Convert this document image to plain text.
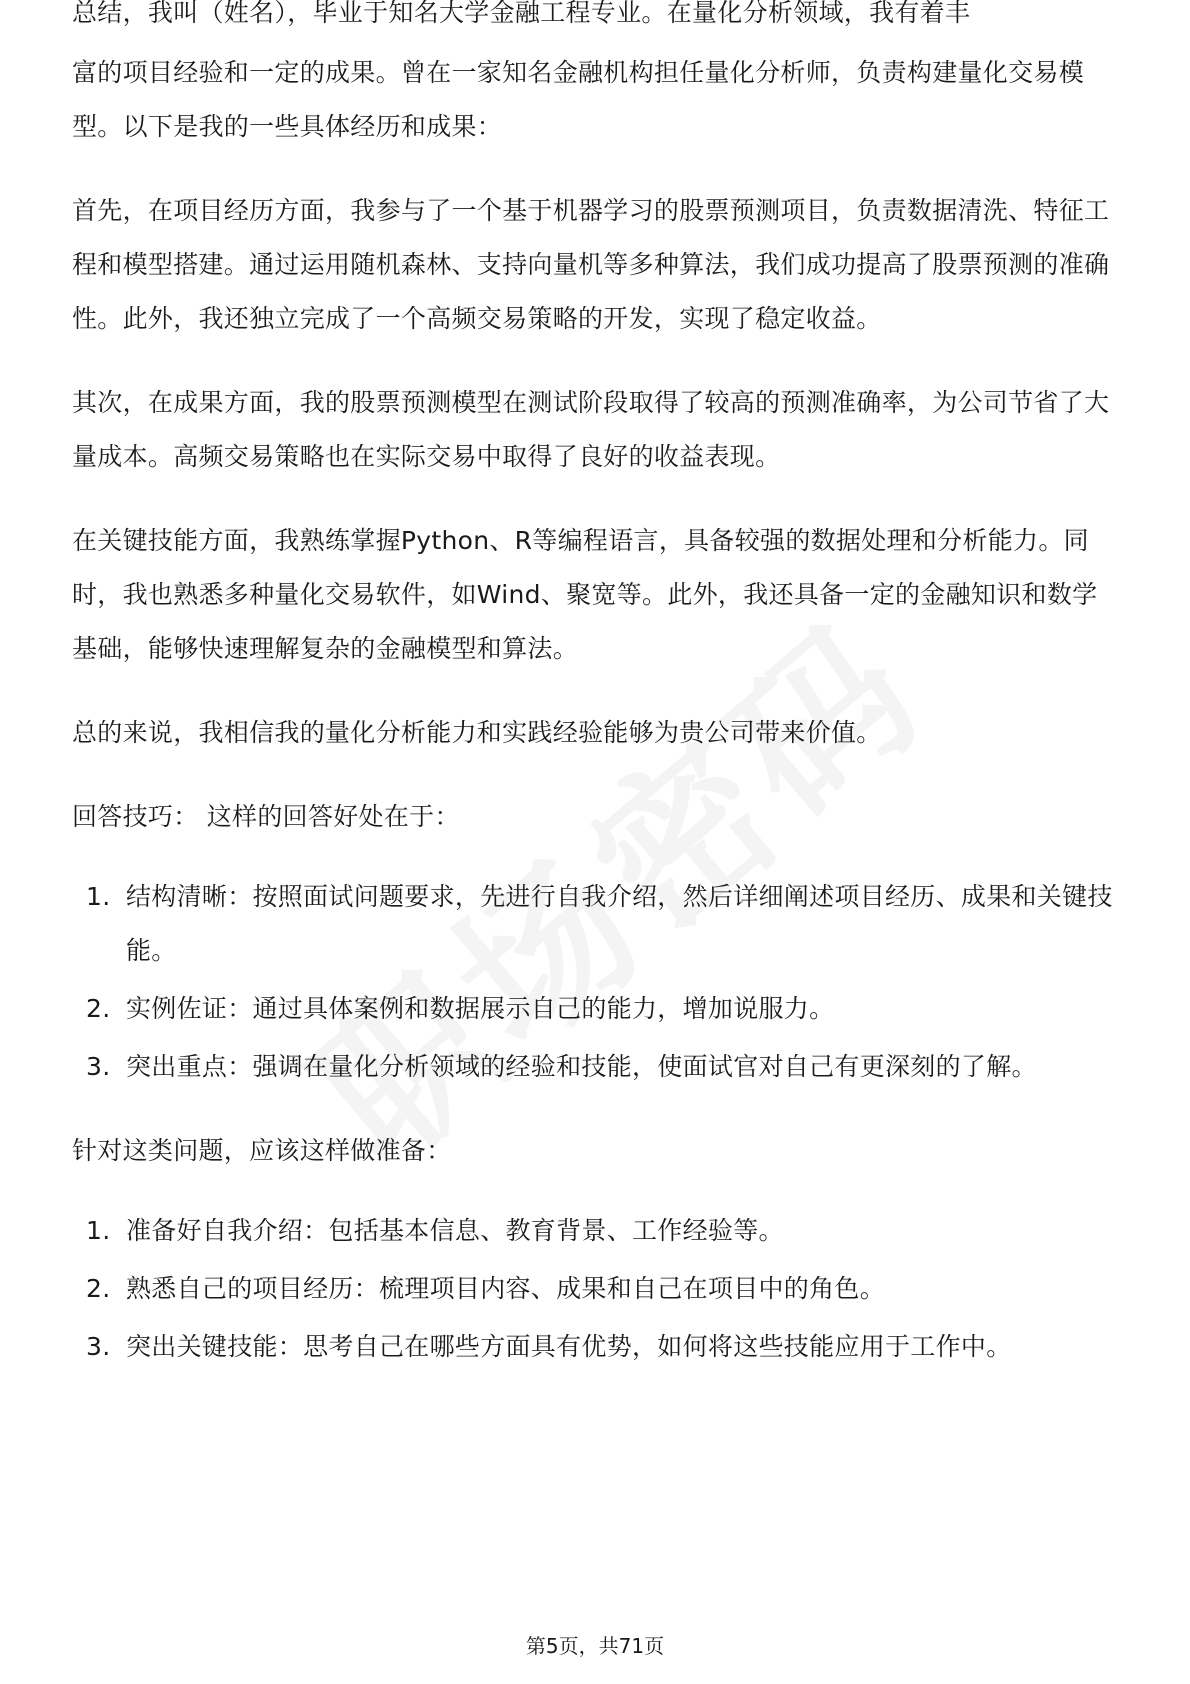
总结，我叫（姓名），毕业于知名大学金融工程专业。在量化分析领域，我有着丰

富的项目经验和一定的成果。曾在一家知名金融机构担任量化分析师，负责构建量化交易模型。以下是我的一些具体经历和成果：

首先，在项目经历方面，我参与了一个基于机器学习的股票预测项目，负责数据清洗、特征工程和模型搭建。通过运用随机森林、支持向量机等多种算法，我们成功提高了股票预测的准确性。此外，我还独立完成了一个高频交易策略的开发，实现了稳定收益。

其次，在成果方面，我的股票预测模型在测试阶段取得了较高的预测准确率，为公司节省了大量成本。高频交易策略也在实际交易中取得了良好的收益表现。

在关键技能方面，我熟练掌握Python、R等编程语言，具备较强的数据处理和分析能力。同时，我也熟悉多种量化交易软件，如Wind、聚宽等。此外，我还具备一定的金融知识和数学基础，能够快速理解复杂的金融模型和算法。

总的来说，我相信我的量化分析能力和实践经验能够为贵公司带来价值。

回答技巧： 这样的回答好处在于：

1. 结构清晰：按照面试问题要求，先进行自我介绍，然后详细阐述项目经历、成果和关键技能。
2. 实例佐证：通过具体案例和数据展示自己的能力，增加说服力。
3. 突出重点：强调在量化分析领域的经验和技能，使面试官对自己有更深刻的了解。

针对这类问题，应该这样做准备：

1. 准备好自我介绍：包括基本信息、教育背景、工作经验等。
2. 熟悉自己的项目经历：梳理项目内容、成果和自己在项目中的角色。
3. 突出关键技能：思考自己在哪些方面具有优势，如何将这些技能应用于工作中。
第5页，共71页
